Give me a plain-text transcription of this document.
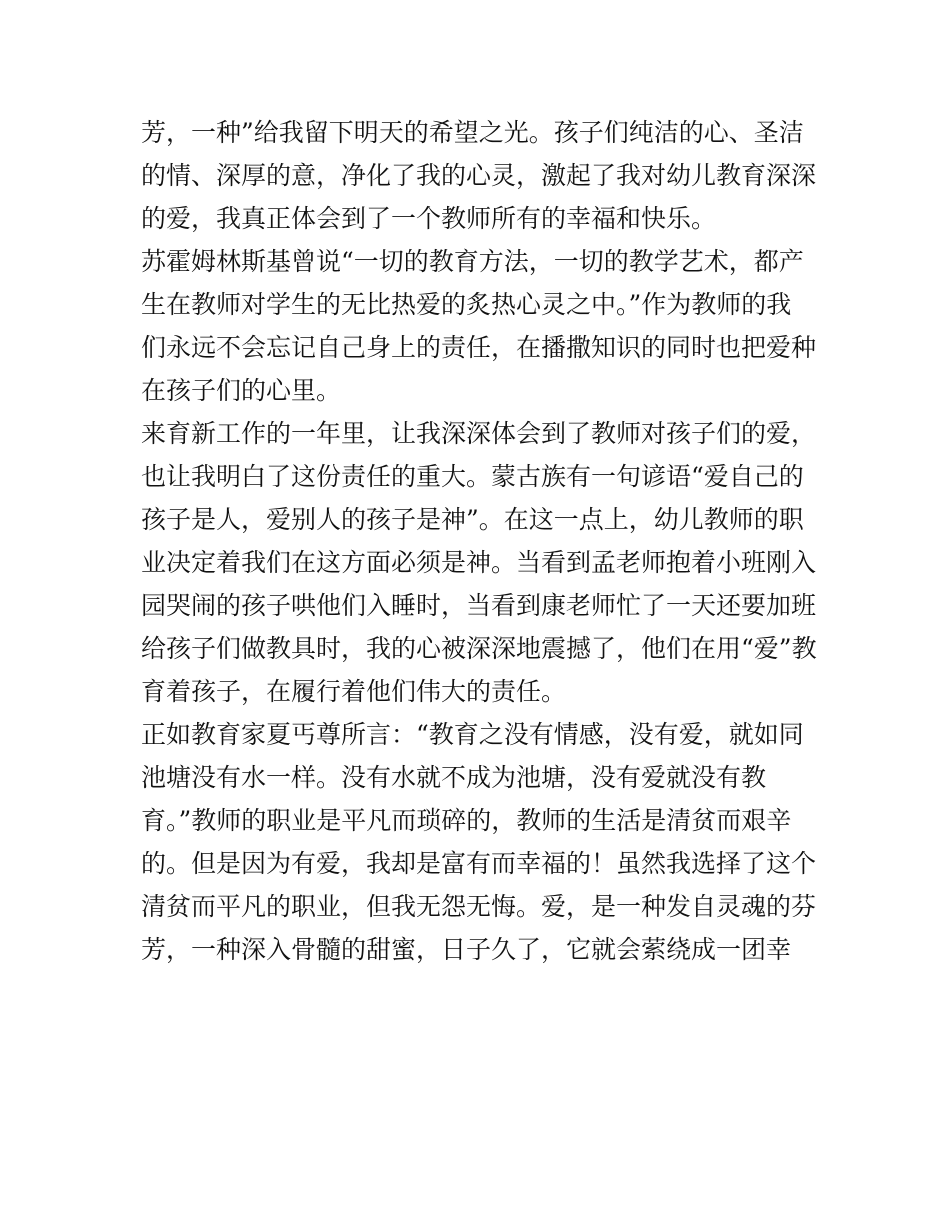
芳，一种”给我留下明天的希望之光。孩子们纯洁的心、圣洁
的情、深厚的意，净化了我的心灵，激起了我对幼儿教育深深
的爱，我真正体会到了一个教师所有的幸福和快乐。
苏霍姆林斯基曾说“一切的教育方法，一切的教学艺术，都产
生在教师对学生的无比热爱的炙热心灵之中。”作为教师的我
们永远不会忘记自己身上的责任，在播撒知识的同时也把爱种
在孩子们的心里。
来育新工作的一年里，让我深深体会到了教师对孩子们的爱，
也让我明白了这份责任的重大。蒙古族有一句谚语“爱自己的
孩子是人，爱别人的孩子是神”。在这一点上，幼儿教师的职
业决定着我们在这方面必须是神。当看到孟老师抱着小班刚入
园哭闹的孩子哄他们入睡时，当看到康老师忙了一天还要加班
给孩子们做教具时，我的心被深深地震撼了，他们在用“爱”教
育着孩子，在履行着他们伟大的责任。
正如教育家夏丐尊所言：“教育之没有情感，没有爱，就如同
池塘没有水一样。没有水就不成为池塘，没有爱就没有教
育。”教师的职业是平凡而琐碎的，教师的生活是清贫而艰辛
的。但是因为有爱，我却是富有而幸福的！虽然我选择了这个
清贫而平凡的职业，但我无怨无悔。爱，是一种发自灵魂的芬
芳，一种深入骨髓的甜蜜，日子久了，它就会萦绕成一团幸
